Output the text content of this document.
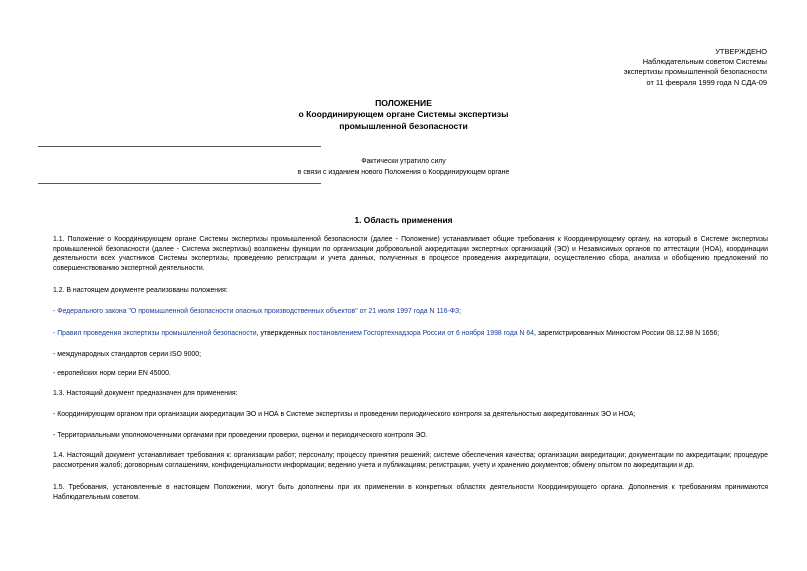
УТВЕРЖДЕНО
Наблюдательным советом Системы
экспертизы промышленной безопасности
от 11 февраля 1999 года N СДА-09
ПОЛОЖЕНИЕ
о Координирующем органе Системы экспертизы
промышленной безопасности
Фактически утратило силу
в связи с изданием нового Положения о Координирующем органе
1. Область применения
1.1. Положение о Координирующем органе Системы экспертизы промышленной безопасности (далее - Положение) устанавливает общие требования к Координирующему органу, на который в Системе экспертизы промышленной безопасности (далее - Система экспертизы) возложены функции по организации добровольной аккредитации экспертных организаций (ЭО) и Независимых органов по аттестации (НОА), координации деятельности всех участников Системы экспертизы, проведению регистрации и учета данных, полученных в процессе проведения аккредитации, осуществлению сбора, анализа и обобщению предложений по совершенствованию экспертной деятельности.
1.2. В настоящем документе реализованы положения:
- Федерального закона "О промышленной безопасности опасных производственных объектов" от 21 июля 1997 года N 116-ФЗ;
- Правил проведения экспертизы промышленной безопасности, утвержденных постановлением Госгортехнадзора России от 6 ноября 1998 года N 64, зарегистрированных Минюстом России 08.12.98 N 1656;
- международных стандартов серии ISO 9000;
- европейских норм серии EN 45000.
1.3. Настоящий документ предназначен для применения:
- Координирующим органом при организации аккредитации ЭО и НОА в Системе экспертизы и проведении периодического контроля за деятельностью аккредитованных ЭО и НОА;
- Территориальными уполномоченными органами при проведении проверки, оценки и периодического контроля ЭО.
1.4. Настоящий документ устанавливает требования к: организации работ; персоналу; процессу принятия решений; системе обеспечения качества; организации аккредитации; документации по аккредитации; процедуре рассмотрения жалоб; договорным соглашениям, конфиденциальности информации; ведению учета и публикациям; регистрации, учету и хранению документов; обмену опытом по аккредитации и др.
1.5. Требования, установленные в настоящем Положении, могут быть дополнены при их применении в конкретных областях деятельности Координирующего органа. Дополнения к требованиям принимаются Наблюдательным советом.
